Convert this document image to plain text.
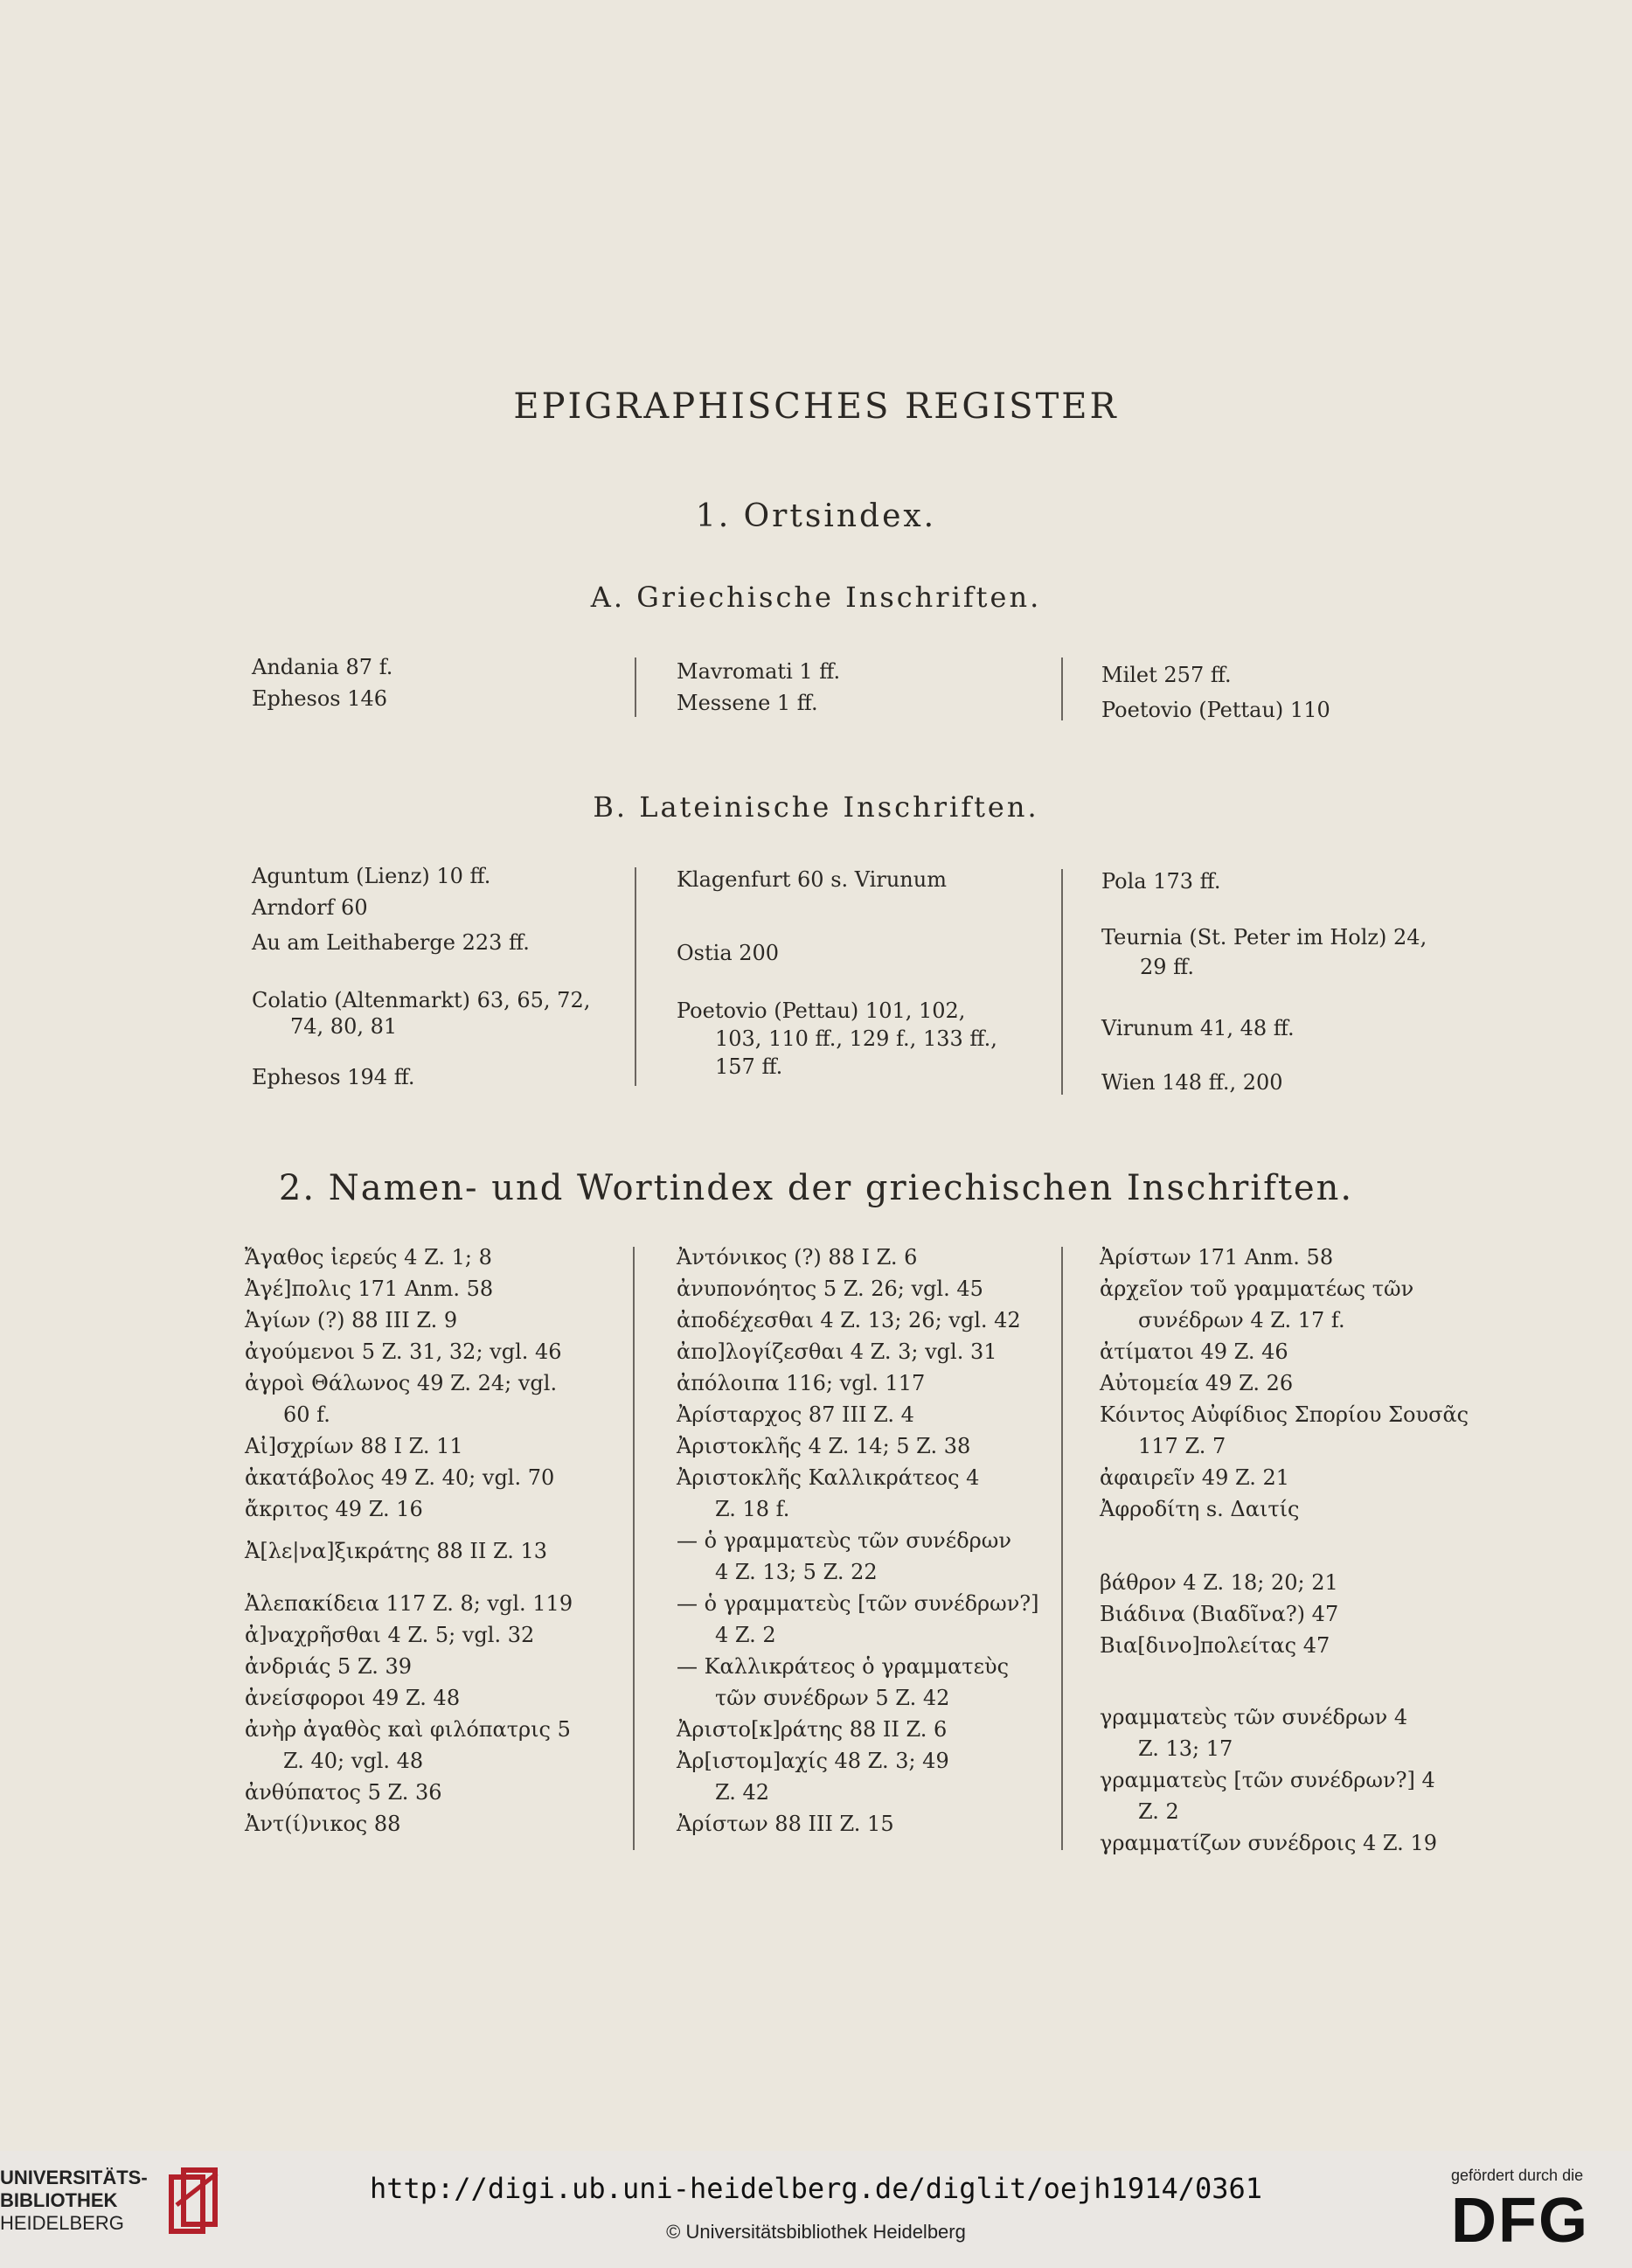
EPIGRAPHISCHES REGISTER
1. Ortsindex.
A. Griechische Inschriften.
Andania 87 f.
Ephesos 146
Mavromati 1 ff.
Messene 1 ff.
Milet 257 ff.
Poetovio (Pettau) 110
B. Lateinische Inschriften.
Aguntum (Lienz) 10 ff.
Arndorf 60
Au am Leithaberge 223 ff.
Colatio (Altenmarkt) 63, 65, 72,
74, 80, 81
Ephesos 194 ff.
Klagenfurt 60 s. Virunum
Ostia 200
Poetovio (Pettau) 101, 102,
103, 110 ff., 129 f., 133 ff.,
157 ff.
Pola 173 ff.
Teurnia (St. Peter im Holz) 24,
29 ff.
Virunum 41, 48 ff.
Wien 148 ff., 200
2. Namen- und Wortindex der griechischen Inschriften.
Ἄγαθος ἱερεύς 4 Z. 1; 8
Ἀγέ]πολις 171 Anm. 58
Ἁγίων (?) 88 III Z. 9
ἀγούμενοι 5 Z. 31, 32; vgl. 46
ἀγροὶ Θάλωνος 49 Z. 24; vgl.
60 f.
Αἰ]σχρίων 88 I Z. 11
ἀκατάβολος 49 Z. 40; vgl. 70
ἄκριτος 49 Z. 16
Ἀ[λε|να]ξικράτης 88 II Z. 13
Ἀλεπακίδεια 117 Z. 8; vgl. 119
ἀ]ναχρῆσθαι 4 Z. 5; vgl. 32
ἀνδριάς 5 Z. 39
ἀνείσφοροι 49 Z. 48
ἀνὴρ ἀγαθὸς καὶ φιλόπατρις 5
Z. 40; vgl. 48
ἀνθύπατος 5 Z. 36
Ἀντ(ί)νικος 88
Ἀντόνικος (?) 88 I Z. 6
ἀνυπονόητος 5 Z. 26; vgl. 45
ἀποδέχεσθαι 4 Z. 13; 26; vgl. 42
ἀπο]λογίζεσθαι 4 Z. 3; vgl. 31
ἀπόλοιπα 116; vgl. 117
Ἀρίσταρχος 87 III Z. 4
Ἀριστοκλῆς 4 Z. 14; 5 Z. 38
Ἀριστοκλῆς Καλλικράτεος 4
Z. 18 f.
— ὁ γραμματεὺς τῶν συνέδρων
4 Z. 13; 5 Z. 22
— ὁ γραμματεὺς [τῶν συνέδρων?]
4 Z. 2
— Καλλικράτεος ὁ γραμματεὺς
τῶν συνέδρων 5 Z. 42
Ἀριστο[κ]ράτης 88 II Z. 6
Ἀρ[ιστομ]αχίς 48 Z. 3; 49
Z. 42
Ἀρίστων 88 III Z. 15
Ἀρίστων 171 Anm. 58
ἀρχεῖον τοῦ γραμματέως τῶν
συνέδρων 4 Z. 17 f.
ἀτίματοι 49 Z. 46
Αὐτομεία 49 Z. 26
Κόιντος Αὐφίδιος Σπορίου Σουσᾶς
117 Z. 7
ἀφαιρεῖν 49 Z. 21
Ἀφροδίτη s. Δαιτίς
βάθρον 4 Z. 18; 20; 21
Βιάδινα (Βιαδῖνα?) 47
Βια[δινο]πολείτας 47
γραμματεὺς τῶν συνέδρων 4
Z. 13; 17
γραμματεὺς [τῶν συνέδρων?] 4
Z. 2
γραμματίζων συνέδροις 4 Z. 19
UNIVERSITÄTS-
BIBLIOTHEK
HEIDELBERG
http://digi.ub.uni-heidelberg.de/diglit/oejh1914/0361
© Universitätsbibliothek Heidelberg
gefördert durch die
DFG
